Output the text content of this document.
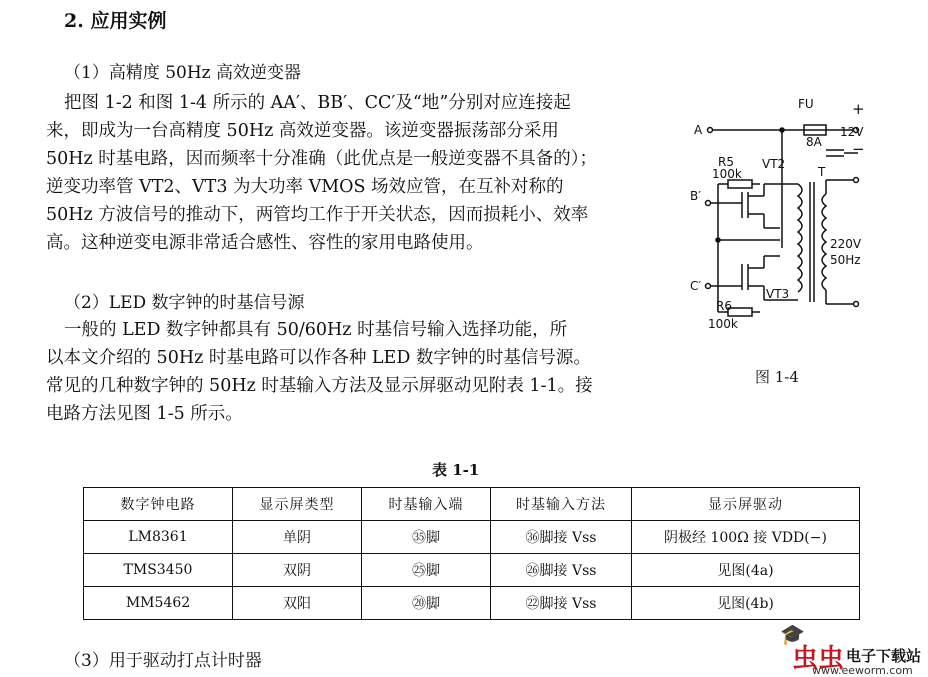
2. 应用实例
（1）高精度 50Hz 高效逆变器
把图 1-2 和图 1-4 所示的 AA′、BB′、CC′及“地”分别对应连接起
来，即成为一台高精度 50Hz 高效逆变器。该逆变器振荡部分采用
50Hz 时基电路，因而频率十分准确（此优点是一般逆变器不具备的）；
逆变功率管 VT2、VT3 为大功率 VMOS 场效应管，在互补对称的
50Hz 方波信号的推动下，两管均工作于开关状态，因而损耗小、效率
高。这种逆变电源非常适合感性、容性的家用电路使用。
（2）LED 数字钟的时基信号源
一般的 LED 数字钟都具有 50/60Hz 时基信号输入选择功能，所
以本文介绍的 50Hz 时基电路可以作各种 LED 数字钟的时基信号源。
常见的几种数字钟的 50Hz 时基输入方法及显示屏驱动见附表 1-1。接
电路方法见图 1-5 所示。
FU
8A
+
12V
−
A
R5
100k
VT2
T
B′
220V
50Hz
C′
VT3
R6
100k
图 1-4
表 1-1
数字钟电路	显示屏类型	时基输入端	时基输入方法	显示屏驱动
LM8361	单阴	㉟脚	㊱脚接 Vss	阴极经 100Ω 接 VDD(−)
TMS3450	双阴	㉕脚	㉖脚接 Vss	见图(4a)
MM5462	双阳	⑳脚	㉒脚接 Vss	见图(4b)
（3）用于驱动打点计时器
🎓
虫虫 电子下载站
www.eeworm.com
